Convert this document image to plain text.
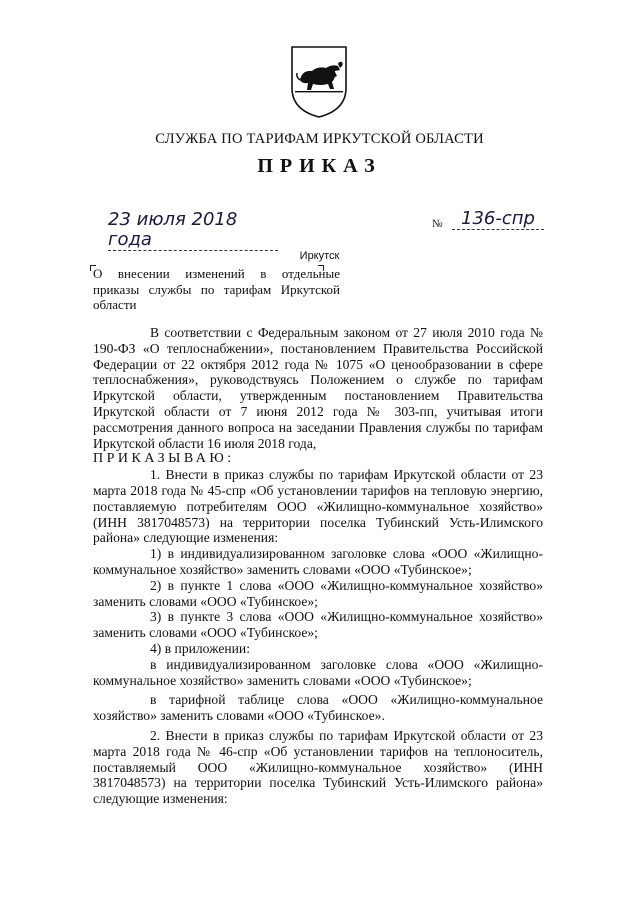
СЛУЖБА ПО ТАРИФАМ ИРКУТСКОЙ ОБЛАСТИ
ПРИКАЗ
23 июля 2018 года
№	136-спр
Иркутск
О внесении изменений в отдельные приказы службы по тарифам Иркутской области

В соответствии с Федеральным законом от 27 июля 2010 года № 190-ФЗ «О теплоснабжении», постановлением Правительства Российской Федерации от 22 октября 2012 года № 1075 «О ценообразовании в сфере теплоснабжения», руководствуясь Положением о службе по тарифам Иркутской области, утвержденным постановлением Правительства Иркутской области от 7 июня 2012 года № 303-пп, учитывая итоги рассмотрения данного вопроса на заседании Правления службы по тарифам Иркутской области 16 июля 2018 года,

ПРИКАЗЫВАЮ:

1. Внести в приказ службы по тарифам Иркутской области от 23 марта 2018 года № 45-спр «Об установлении тарифов на тепловую энергию, поставляемую потребителям ООО «Жилищно-коммунальное хозяйство» (ИНН 3817048573) на территории поселка Тубинский Усть-Илимского района» следующие изменения:

1) в индивидуализированном заголовке слова «ООО «Жилищно-коммунальное хозяйство» заменить словами «ООО «Тубинское»;

2) в пункте 1 слова «ООО «Жилищно-коммунальное хозяйство» заменить словами «ООО «Тубинское»;

3) в пункте 3 слова «ООО «Жилищно-коммунальное хозяйство» заменить словами «ООО «Тубинское»;

4) в приложении:

в индивидуализированном заголовке слова «ООО «Жилищно-коммунальное хозяйство» заменить словами «ООО «Тубинское»;

в тарифной таблице слова «ООО «Жилищно-коммунальное хозяйство» заменить словами «ООО «Тубинское».

2. Внести в приказ службы по тарифам Иркутской области от 23 марта 2018 года № 46-спр «Об установлении тарифов на теплоноситель, поставляемый ООО «Жилищно-коммунальное хозяйство» (ИНН 3817048573) на территории поселка Тубинский Усть-Илимского района» следующие изменения:
